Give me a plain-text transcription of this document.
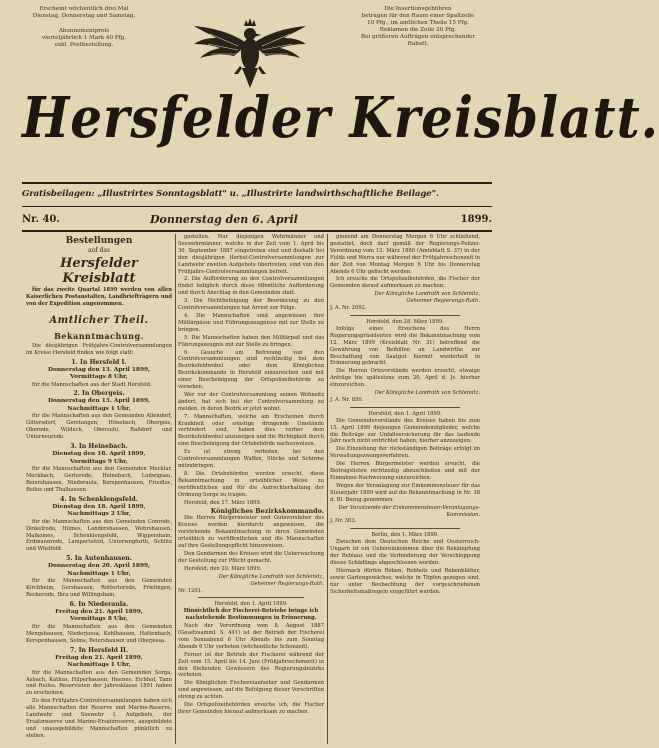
Erscheint wöchentlich drei Mal
Dienstag, Donnerstag und Samstag.
Abonnementpreis
vierteljährlich 1 Mark 40 Pfg.
exkl. Postbestellung.
Die Insertionsgebühren
betragen für den Raum einer Spaltzeile
10 Pfg., im amtlichen Theile 15 Pfg.
Reklamen die Zeile 20 Pfg.
Bei größeren Aufträgen entsprechender
Rabatt.
Hersfelder Kreisblatt.
Gratisbeilagen: „Illustrirtes Sonntagsblatt" u. „Illustrirte landwirthschaftliche Beilage".
Nr. 40.	Donnerstag den 6. April	1899.
Bestellungen
auf das
Hersfelder Kreisblatt

für das zweite Quartal 1899 werden von allen Kaiserlichen Postanstalten, Landbriefträgern und von der Expedition angenommen.

Amtlicher Theil.
Bekanntmachung.

Die diesjährigen Frühjahrs-Controlversammlungen im Kreise Hersfeld finden wie folgt statt:

1. In Hersfeld I.
Donnerstag den 13. April 1899,
Vormittags 8 Uhr,

für die Mannschaften aus der Stadt Hersfeld.

2. In Obergeis.
Donnerstag den 13. April 1899,
Nachmittags 1 Uhr,

für die Mannschaften aus den Gemeinden Allendorf, Gittersdorf, Gerstungen, Hönebach, Obergeis, Oberode, Wildeck, Obersuhl, Raßdorf und Unterneurode.

3. In Heinebach.
Dienstag den 18. April 1899,
Vormittags 9 Uhr,

für die Mannschaften aus den Gemeinden Mecklar, Meckbach, Gerterode, Heinebach, Ludwigsau, Beiershausen, Niederaula, Kerspenhausen, Friedlos, Reilos und Thalhausen.

4. In Schenklengsfeld.
Dienstag den 18. April 1899,
Nachmittags 2 Uhr,

für die Mannschaften aus den Gemeinden Conrode, Dinkelrode, Hilmes, Landershausen, Wehrshausen, Malkomes, Schenklengsfeld, Wippershain, Erdmannrode, Lampertsfeld, Unterwegfurth, Schlitz und Wüstfeld.

5. In Autenhausen.
Donnerstag den 20. April 1899,
Nachmittags 1 Uhr,

für die Mannschaften aus den Gemeinden Kirchheim, Gershausen, Rotterterode, Frielingen, Reckerode, Ibra und Willingshain.

6. In Niederaula.
Freitag den 21. April 1899,
Vormittags 8 Uhr,

für die Mannschaften aus den Gemeinden Mengshausen, Niederjossa, Kohlhausen, Hattenbach, Kerspenhausen, Solms, Beiershausen und Oberjossa.

7. In Hersfeld II.
Freitag den 21. April 1899,
Nachmittags 1 Uhr,

für die Mannschaften aus den Gemeinden Sorga, Asbach, Kathus, Hilperhausen, Heenes, Eichhof, Tann und Reilos. Reservisten der Jahresklasse 1891 haben zu erscheinen.

Zu den Frühjahrs-Controlversammlungen haben sich alle Mannschaften der Reserve und Marine-Reserve, Landwehr und Seewehr I. Aufgebots, der Ersatzreserve und Marine-Ersatzreserve, ausgebildete und unausgebildete Mannschaften pünktlich zu stellen.

gestellen. Nur diejenigen Wehrmänner und Seewehrmänner, welche in der Zeit vom 1. April bis 30. September 1887 eingetreten sind und deshalb bei den diesjährigen Herbst-Controlversammlungen zur Landwehr zweiten Aufgebots übertreten, sind von den Frühjahrs-Controlversammlungen befreit.

2. Die Aufforderung zu den Controlversammlungen findet lediglich durch diese öffentliche Aufforderung und durch Anschlag in den Gemeinden statt.

3. Die Nichtbefolgung der Beorderung zu den Controlversammlungen hat Arrest zur Folge.

4. Die Mannschaften sind angewiesen ihre Militärpässe und Führungszeugnisse mit zur Stelle zu bringen.

5. Die Mannschaften haben den Militärpaß und das Führungszeugnis mit zur Stelle zu bringen.

6. Gesuche um Befreiung von den Controlversammlungen sind rechtzeitig bei dem Bezirksfeldwebel oder dem Königlichen Bezirkskommando in Hersfeld einzureichen und mit einer Bescheinigung der Ortspolizeibehörde zu versehen.

Wer vor der Controlversammlung seinen Wohnsitz ändert, hat sich bei der Controlversammlung zu melden, in deren Bezirk er jetzt wohnt.

7. Mannschaften, welche am Erscheinen durch Krankheit oder sonstige dringende Umstände verhindert sind, haben dies vorher dem Bezirksfeldwebel anzuzeigen und die Richtigkeit durch eine Bescheinigung der Ortsbehörde nachzuweisen.

Es ist streng verboten, bei den Controlversammlungen Waffen, Stöcke und Schirme mitzubringen.

8. Die Ortsbehörden werden ersucht, diese Bekanntmachung in ortsüblicher Weise zu veröffentlichen und für die Aufrechterhaltung der Ordnung Sorge zu tragen.

Hersfeld, den 17. März 1899.

Königliches Bezirkskommando.

Die Herren Bürgermeister und Gutsvorsteher des Kreises werden hierdurch angewiesen, die vorstehende Bekanntmachung in ihren Gemeinden ortsüblich zu veröffentlichen und die Mannschaften auf ihre Gestellungspflicht hinzuweisen.

Den Gendarmen des Kreises wird die Ueberwachung der Gestellung zur Pflicht gemacht.

Hersfeld, den 20. März 1899.

Der Königliche Landrath von Schleinitz,
Geheimer Regierungs-Rath.
Nr. 1201.
Hersfeld, den 1. April 1899.

Hinsichtlich der Fischerei-Betriebe bringe ich nachstehende Bestimmungen in Erinnerung.

Nach der Verordnung vom 8. August 1887 (Gesetzsamml. S. 441) ist der Betrieb der Fischerei vom Sonnabend 6 Uhr Abends bis zum Sonntag Abends 6 Uhr verboten (wöchentliche Schonzeit).

Ferner ist der Betrieb der Fischerei während der Zeit vom 15. April bis 14. Juni (Frühjahrsschonzeit) in den fließenden Gewässern des Regierungsbezirks verboten.

Die Königlichen Fischereiaufseher und Gendarmen sind angewiesen, auf die Befolgung dieser Vorschriften streng zu achten.

Die Ortspolizeibehörden ersuche ich, die Fischer ihrer Gemeinden hierauf aufmerksam zu machen.

ginnend am Donnerstag Morgen 6 Uhr schließend, gestattet, doch darf gemäß der Regierungs-Polizei-Verordnung vom 12. März 1880 (Amtsblatt S. 37) in der Fulda und Werra nur während der Frühjahrsschonzeit in der Zeit von Montag Morgen 6 Uhr bis Donnerstag Abends 6 Uhr gefischt werden.

Ich ersuche die Ortspolizeibehörden, die Fischer der Gemeinden darauf aufmerksam zu machen.

Der Königliche Landrath von Schleinitz,
Geheimer Regierungs-Rath.
J. A. Nr. 2092.
Hersfeld, den 28. März 1899.

Infolge eines Ersuchens des Herrn Regierungspräsidenten wird die Bekanntmachung vom 12. März 1899 (Kreisblatt Nr. 31) betreffend die Gewährung von Beihilfen an Landwirthe zur Beschaffung von Saatgut hiermit wiederholt in Erinnerung gebracht.

Die Herren Ortsvorstände werden ersucht, etwaige Anträge bis spätestens zum 20. April d. Js. hierher einzureichen.

Der Königliche Landrath von Schleinitz.
J. A. Nr. 850.
Hersfeld, den 1. April 1899.

Die Gemeindevorstände des Kreises haben bis zum 15. April 1899 diejenigen Gemeindemitglieder, welche die Beiträge zur Unfallversicherung für das laufende Jahr noch nicht entrichtet haben, hierher anzuzeigen.

Die Einziehung der rückständigen Beiträge erfolgt im Verwaltungszwangsverfahren.

Die Herren Bürgermeister werden ersucht, die Beitragslisten rechtzeitig abzuschließen und mit der Einnahme-Nachweisung einzureichen.

Wegen der Veranlagung zur Einkommensteuer für das Steuerjahr 1899 wird auf die Bekanntmachung in Nr. 38 d. Bl. Bezug genommen.

Der Vorsitzende der Einkommensteuer-Veranlagungs-Kommission.
J. Nr. 303.
Berlin, den 1. März 1899.

Zwischen dem Deutschen Reiche und Oesterreich-Ungarn ist ein Uebereinkommen über die Bekämpfung der Reblaus und die Verhinderung der Verschleppung dieses Schädlings abgeschlossen worden.

Hiernach dürfen Reben, Rebholz und Rebenblätter, sowie Gartengewächse, welche in Töpfen gezogen sind, nur unter Beobachtung der vorgeschriebenen Sicherheitsmaßregeln eingeführt werden.
